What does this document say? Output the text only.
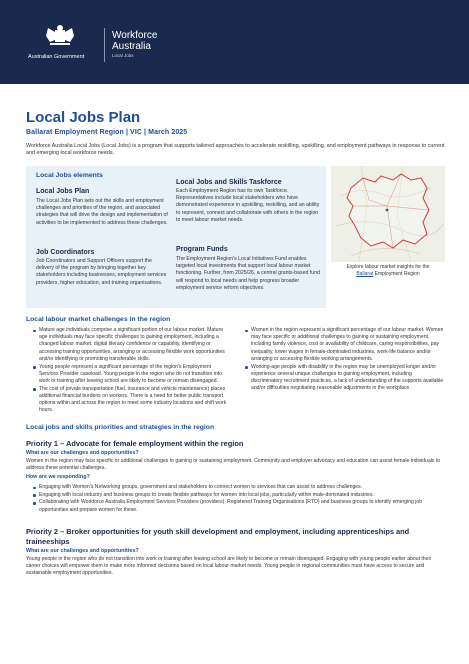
Australian Government
Workforce
Australia
Local Jobs
Local Jobs Plan
Ballarat Employment Region | VIC | March 2025
Workforce Australia Local Jobs (Local Jobs) is a program that supports tailored approaches to accelerate reskilling, upskilling, and employment pathways in response to current and emerging local workforce needs.
Local Jobs elements
Local Jobs Plan
The Local Jobs Plan sets out the skills and employment challenges and priorities of the region, and associated strategies that will drive the design and implementation of activities to be implemented to address these challenges.
Job Coordinators
Job Coordinators and Support Officers support the delivery of the program by bringing together key stakeholders including businesses, employment services providers, higher education, and training organisations.
Local Jobs and Skills Taskforce
Each Employment Region has its own Taskforce. Representatives include local stakeholders who have demonstrated experience in upskilling, reskilling, and an ability to represent, connect and collaborate with others in the region to meet labour market needs.
Program Funds
The Employment Region's Local Initiatives Fund enables targeted local investments that support local labour market functioning. Further, from 2025/26, a central grants-based fund will respond to local needs and help progress broader employment service reform objectives.
Explore labour market insights for the
Ballarat Employment Region
Local labour market challenges in the region
Mature age individuals comprise a significant portion of our labour market. Mature age individuals may face specific challenges to gaining employment, including a changed labour market, digital literacy confidence or capability, identifying or accessing training opportunities, arranging or accessing flexible work opportunities and/or identifying or promoting transferable skills.
Young people represent a significant percentage of the region's Employment Services Provider caseload. Young people in the region who do not transition into work or training after leaving school are likely to become or remain disengaged.
The cost of private transportation (fuel, insurance and vehicle maintenance) places additional financial burdens on workers. There is a need for better public transport options within and across the region to meet some industry locations and shift work hours.
Women in the region represent a significant percentage of our labour market. Women may face specific or additional challenges to gaining or sustaining employment, including family violence, cost or availability of childcare, caring responsibilities, pay inequality, lower wages in female-dominated industries, work-life balance and/or arranging or accessing flexible working arrangements.
Working-age people with disability in the region may be unemployed longer and/or experience several unique challenges to gaining employment, including discriminatory recruitment practices, a lack of understanding of the supports available and/or difficulties negotiating reasonable adjustments in the workplace.
Local jobs and skills priorities and strategies in the region
Priority 1 – Advocate for female employment within the region
What are our challenges and opportunities?
Women in the region may face specific or additional challenges to gaining or sustaining employment. Community and employer advocacy and education can assist female individuals to address these potential challenges.
How are we responding?
Engaging with Women's Networking groups, government and stakeholders to connect women to services that can assist to address challenges.
Engaging with local industry and business groups to create flexible pathways for women into local jobs, particularly within male-dominated industries.
Collaborating with Workforce Australia Employment Services Providers (providers), Registered Training Organisations (RTO) and business groups to identify emerging job opportunities and prepare women for these.
Priority 2 – Broker opportunities for youth skill development and employment, including apprenticeships and
traineeships
What are our challenges and opportunities?
Young people in the region who do not transition into work or training after leaving school are likely to become or remain disengaged. Engaging with young people earlier about their career choices will empower them to make more informed decisions based on local labour market needs. Young people in regional communities must have access to secure and sustainable employment opportunities.
